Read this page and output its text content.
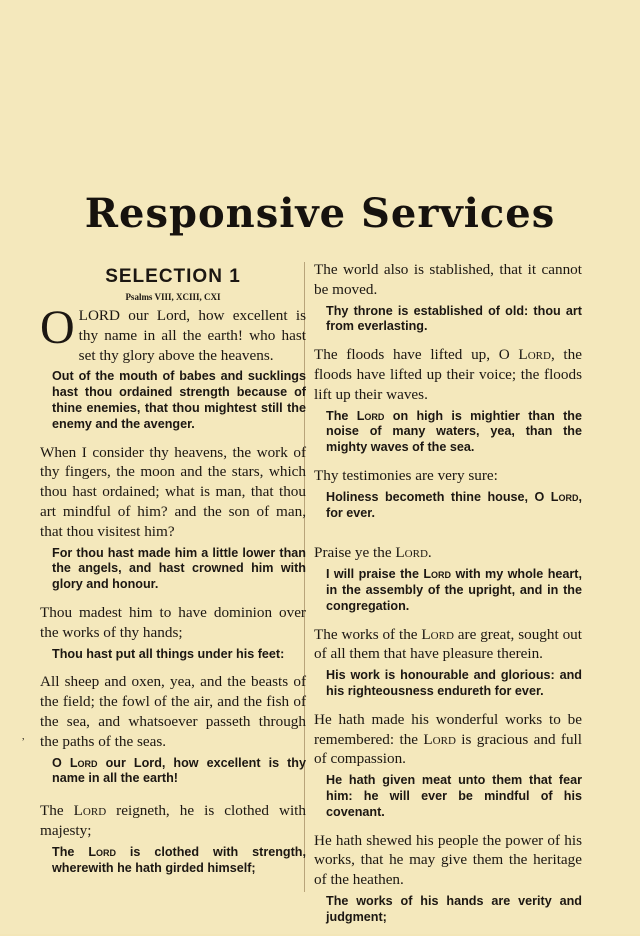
Responsive Services
,
SELECTION 1
Psalms VIII, XCIII, CXI

OLORD our Lord, how excellent is thy name in all the earth! who hast set thy glory above the heavens.

Out of the mouth of babes and sucklings hast thou ordained strength because of thine enemies, that thou mightest still the enemy and the avenger.

When I consider thy heavens, the work of thy fingers, the moon and the stars, which thou hast ordained; what is man, that thou art mindful of him? and the son of man, that thou visitest him?

For thou hast made him a little lower than the angels, and hast crowned him with glory and honour.

Thou madest him to have dominion over the works of thy hands;

Thou hast put all things under his feet:

All sheep and oxen, yea, and the beasts of the field; the fowl of the air, and the fish of the sea, and whatsoever passeth through the paths of the seas.

O Lord our Lord, how excellent is thy name in all the earth!

The Lord reigneth, he is clothed with majesty;

The Lord is clothed with strength, wherewith he hath girded himself;

The world also is stablished, that it cannot be moved.

Thy throne is established of old: thou art from everlasting.

The floods have lifted up, O Lord, the floods have lifted up their voice; the floods lift up their waves.

The Lord on high is mightier than the noise of many waters, yea, than the mighty waves of the sea.

Thy testimonies are very sure:

Holiness becometh thine house, O Lord, for ever.

Praise ye the Lord.

I will praise the Lord with my whole heart, in the assembly of the upright, and in the congregation.

The works of the Lord are great, sought out of all them that have pleasure therein.

His work is honourable and glorious: and his righteousness endureth for ever.

He hath made his wonderful works to be remembered: the Lord is gracious and full of compassion.

He hath given meat unto them that fear him: he will ever be mindful of his covenant.

He hath shewed his people the power of his works, that he may give them the heritage of the heathen.

The works of his hands are verity and judgment;
